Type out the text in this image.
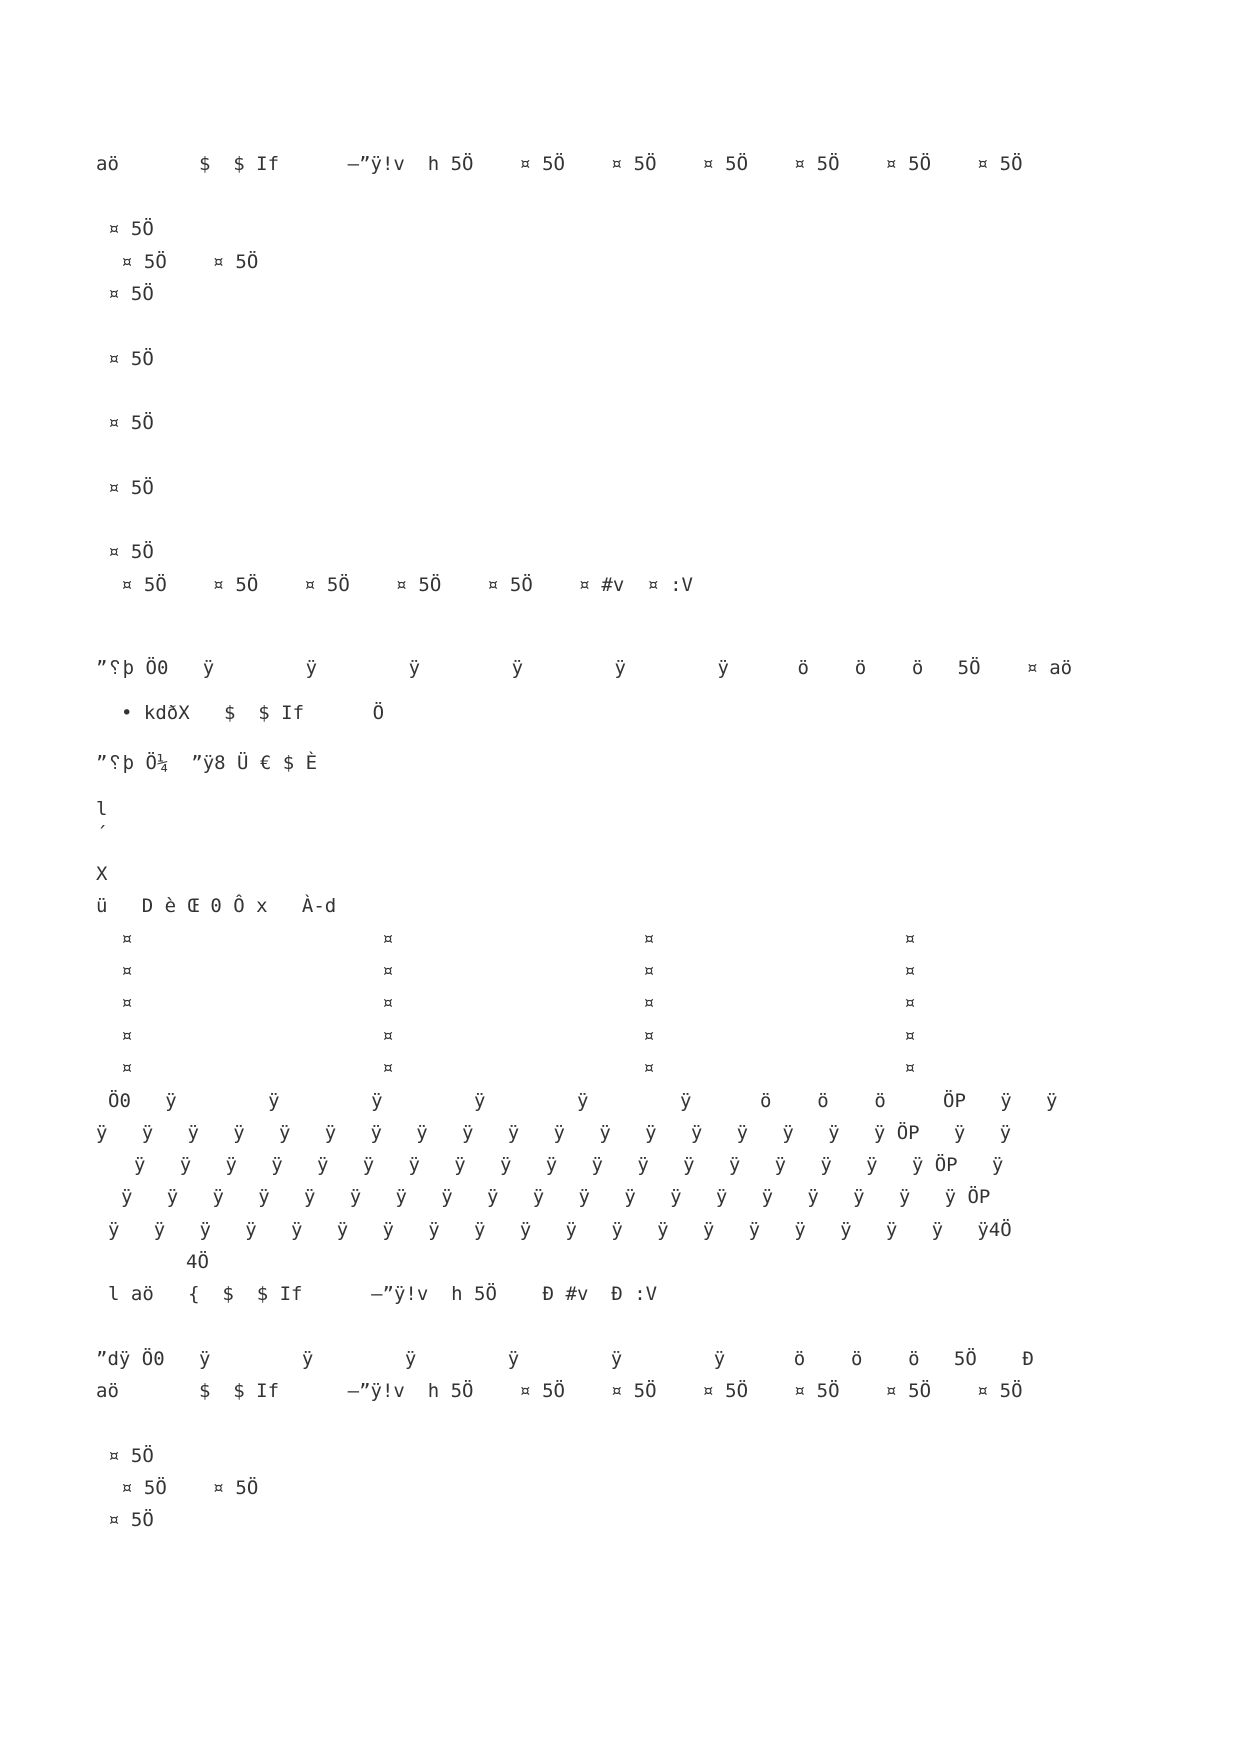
aö       $  $ If      –”ÿ!v  h 5Ö    ¤ 5Ö    ¤ 5Ö    ¤ 5Ö    ¤ 5Ö    ¤ 5Ö    ¤ 5Ö
¤ 5Ö
¤ 5Ö    ¤ 5Ö
¤ 5Ö
¤ 5Ö
¤ 5Ö
¤ 5Ö
¤ 5Ö
¤ 5Ö    ¤ 5Ö    ¤ 5Ö    ¤ 5Ö    ¤ 5Ö    ¤ #v  ¤ :V
”␦þ Ö0   ÿ        ÿ        ÿ        ÿ        ÿ        ÿ      ö    ö    ö   5Ö    ¤ aö
• kdðX   $  $ If      Ö
”␦þ Ö¼  ”ÿ8 Ü € $ È
l
´
X
ü   D è Œ 0 Ô x   À-d
¤	¤	¤	¤
¤	¤	¤	¤
¤	¤	¤	¤
¤	¤	¤	¤
¤	¤	¤	¤
Ö0   ÿ        ÿ        ÿ        ÿ        ÿ        ÿ      ö    ö    ö     ÖP   ÿ   ÿ
ÿ   ÿ   ÿ   ÿ   ÿ   ÿ   ÿ   ÿ   ÿ   ÿ   ÿ   ÿ   ÿ   ÿ   ÿ   ÿ   ÿ   ÿ ÖP   ÿ   ÿ
ÿ   ÿ   ÿ   ÿ   ÿ   ÿ   ÿ   ÿ   ÿ   ÿ   ÿ   ÿ   ÿ   ÿ   ÿ   ÿ   ÿ   ÿ ÖP   ÿ
ÿ   ÿ   ÿ   ÿ   ÿ   ÿ   ÿ   ÿ   ÿ   ÿ   ÿ   ÿ   ÿ   ÿ   ÿ   ÿ   ÿ   ÿ   ÿ ÖP
ÿ   ÿ   ÿ   ÿ   ÿ   ÿ   ÿ   ÿ   ÿ   ÿ   ÿ   ÿ   ÿ   ÿ   ÿ   ÿ   ÿ   ÿ   ÿ   ÿ4Ö
4Ö
l aö   {  $  $ If      –”ÿ!v  h 5Ö    Ð #v  Ð :V
”dÿ Ö0   ÿ        ÿ        ÿ        ÿ        ÿ        ÿ      ö    ö    ö   5Ö    Ð
aö       $  $ If      –”ÿ!v  h 5Ö    ¤ 5Ö    ¤ 5Ö    ¤ 5Ö    ¤ 5Ö    ¤ 5Ö    ¤ 5Ö
¤ 5Ö
¤ 5Ö    ¤ 5Ö
¤ 5Ö
